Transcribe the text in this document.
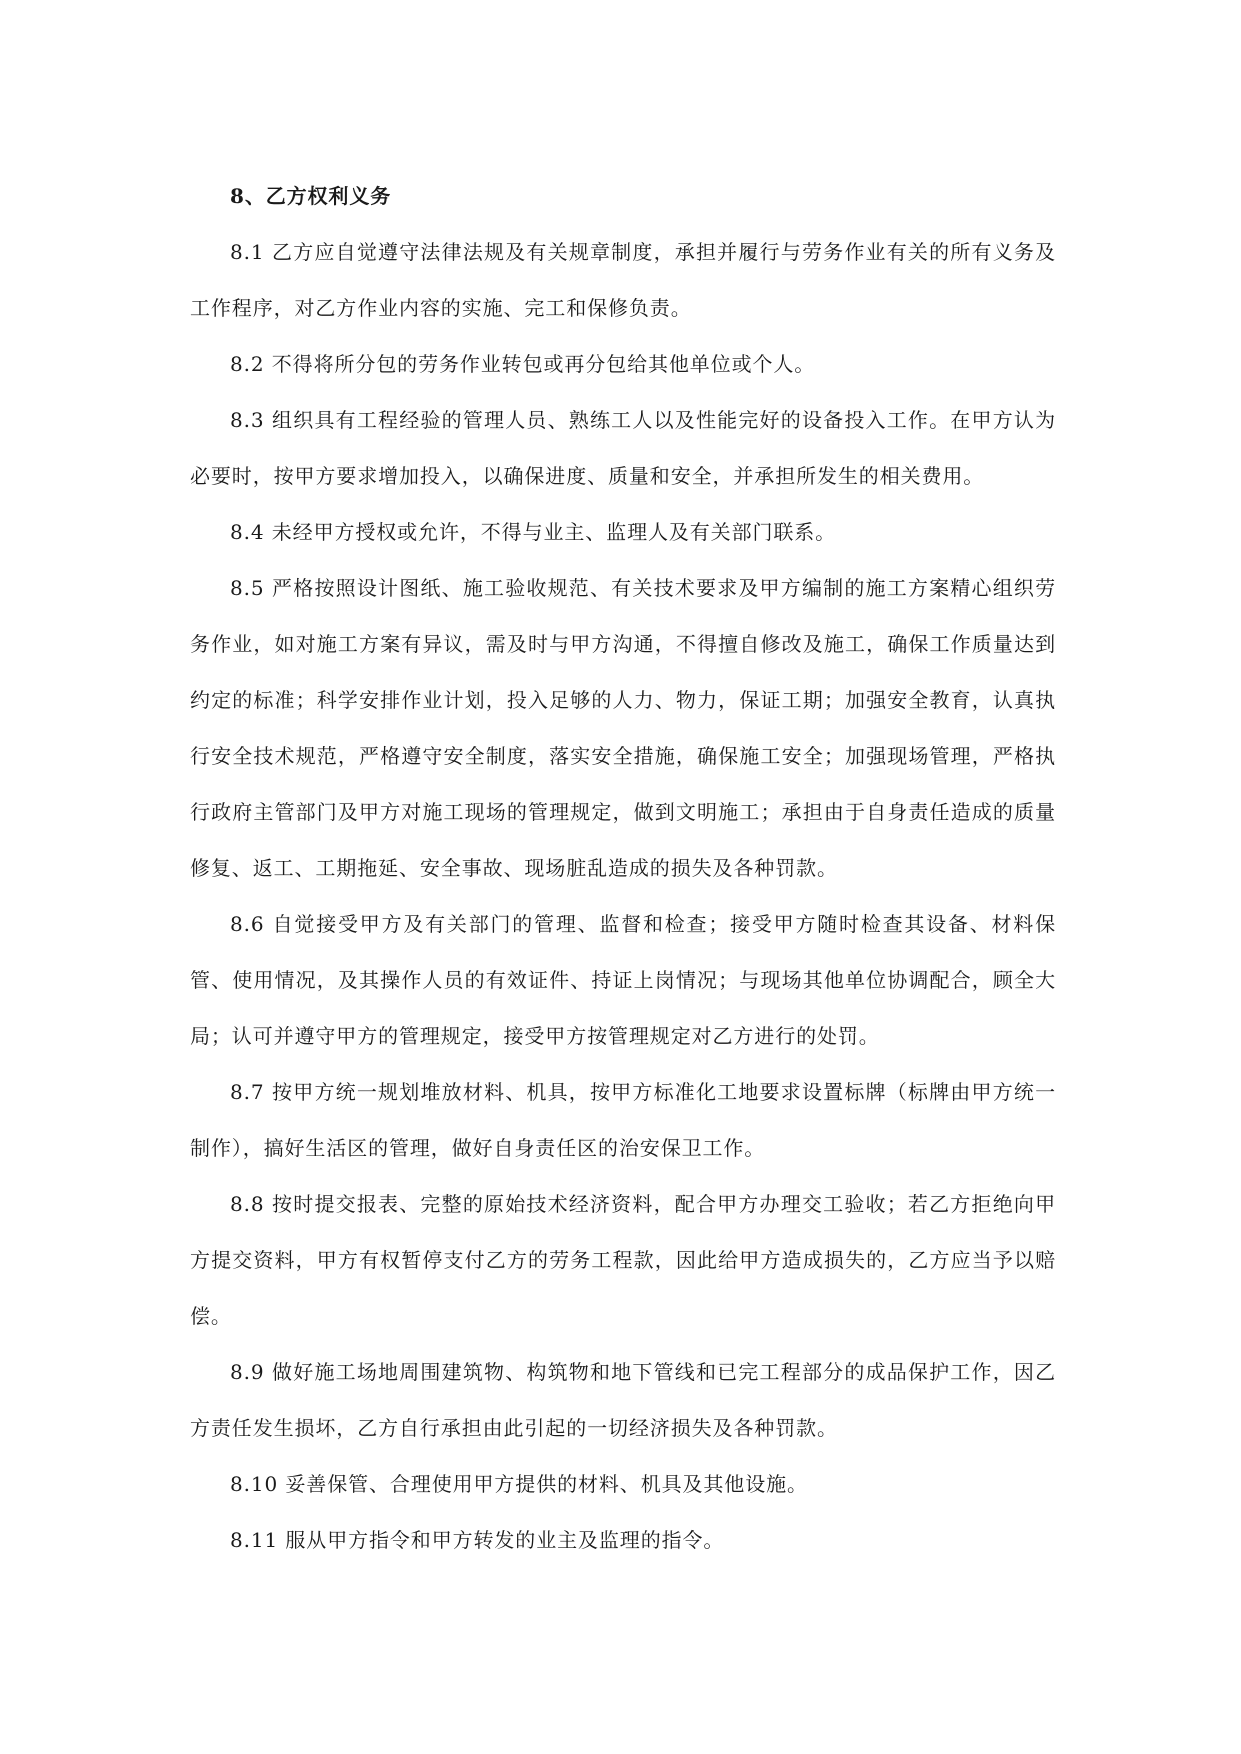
8、乙方权利义务

8.1 乙方应自觉遵守法律法规及有关规章制度，承担并履行与劳务作业有关的所有义务及工作程序，对乙方作业内容的实施、完工和保修负责。

8.2 不得将所分包的劳务作业转包或再分包给其他单位或个人。

8.3 组织具有工程经验的管理人员、熟练工人以及性能完好的设备投入工作。在甲方认为必要时，按甲方要求增加投入，以确保进度、质量和安全，并承担所发生的相关费用。

8.4 未经甲方授权或允许，不得与业主、监理人及有关部门联系。

8.5 严格按照设计图纸、施工验收规范、有关技术要求及甲方编制的施工方案精心组织劳务作业，如对施工方案有异议，需及时与甲方沟通，不得擅自修改及施工，确保工作质量达到约定的标准；科学安排作业计划，投入足够的人力、物力，保证工期；加强安全教育，认真执行安全技术规范，严格遵守安全制度，落实安全措施，确保施工安全；加强现场管理，严格执行政府主管部门及甲方对施工现场的管理规定，做到文明施工；承担由于自身责任造成的质量修复、返工、工期拖延、安全事故、现场脏乱造成的损失及各种罚款。

8.6 自觉接受甲方及有关部门的管理、监督和检查；接受甲方随时检查其设备、材料保管、使用情况，及其操作人员的有效证件、持证上岗情况；与现场其他单位协调配合，顾全大局；认可并遵守甲方的管理规定，接受甲方按管理规定对乙方进行的处罚。

8.7 按甲方统一规划堆放材料、机具，按甲方标准化工地要求设置标牌（标牌由甲方统一制作），搞好生活区的管理，做好自身责任区的治安保卫工作。

8.8 按时提交报表、完整的原始技术经济资料，配合甲方办理交工验收；若乙方拒绝向甲方提交资料，甲方有权暂停支付乙方的劳务工程款，因此给甲方造成损失的，乙方应当予以赔偿。

8.9 做好施工场地周围建筑物、构筑物和地下管线和已完工程部分的成品保护工作，因乙方责任发生损坏，乙方自行承担由此引起的一切经济损失及各种罚款。

8.10 妥善保管、合理使用甲方提供的材料、机具及其他设施。

8.11 服从甲方指令和甲方转发的业主及监理的指令。
